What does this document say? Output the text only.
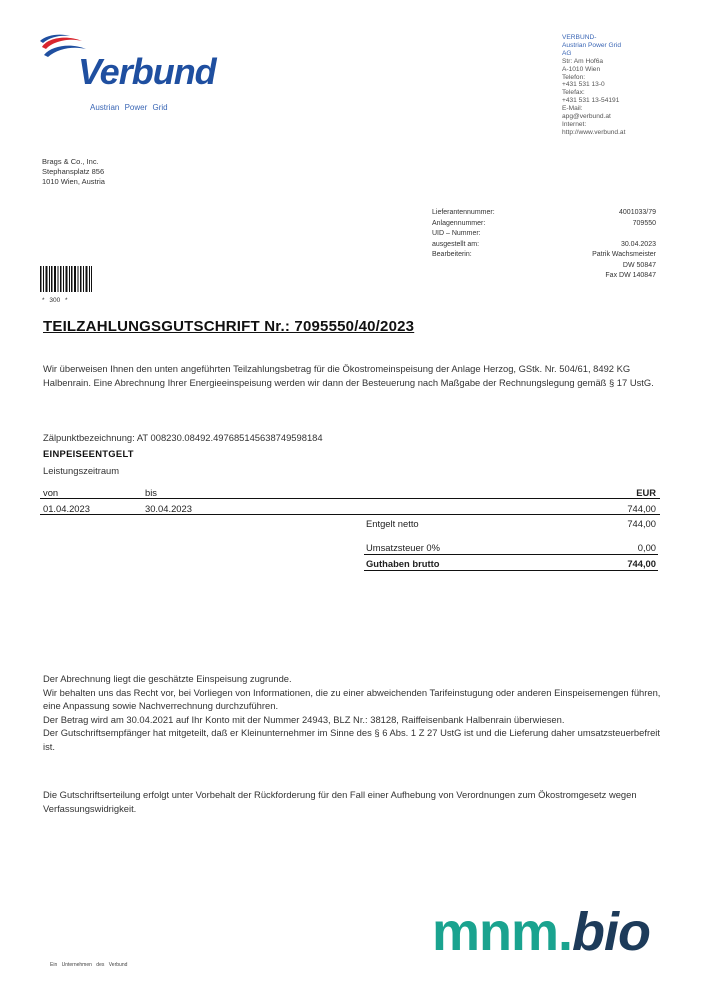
Verbund
Austrian Power Grid
VERBUND-
Austrian Power Grid
AG
Str: Am Hof6a
A-1010 Wien
Telefon:
+431 531 13-0
Telefax:
+431 531 13-54191
E-Mail:
apg@verbund.at
Internet:
http://www.verbund.at
Brags & Co., Inc.
Stephansplatz 856
1010 Wien, Austria
Lieferantennummer:	4001033/79
Anlagennummer:	709550
UID – Nummer:
ausgestellt am:	30.04.2023
Bearbeiterin:	Patrik Wachsmeister
DW 50847
Fax DW 140847
* 300 *
TEILZAHLUNGSGUTSCHRIFT Nr.: 7095550/40/2023
Wir überweisen Ihnen den unten angeführten Teilzahlungsbetrag für die Ökostromeinspeisung der Anlage Herzog, GStk. Nr. 504/61, 8492 KG Halbenrain. Eine Abrechnung Ihrer Energieeinspeisung werden wir dann der Besteuerung nach Maßgabe der Rechnungslegung gemäß § 17 UstG.
Zälpunktbezeichnung: AT 008230.08492.49768514563874959818​4
EINPEISEENTGELT
Leistungszeitraum
von	bis	EUR
01.04.2023	30.04.2023	744,00
Entgelt netto	744,00
Umsatzsteuer 0%	0,00
Guthaben brutto	744,00

Der Abrechnung liegt die geschätzte Einspeisung zugrunde.

Wir behalten uns das Recht vor, bei Vorliegen von Informationen, die zu einer abweichenden Tarifeinstugung oder anderen Einspeisemengen führen, eine Anpassung sowie Nachverrechnung durchzuführen.

Der Betrag wird am 30.04.2021 auf Ihr Konto mit der Nummer 24943, BLZ Nr.: 38128, Raiffeisenbank Halbenrain überwiesen.

Der Gutschriftsempfänger hat mitgeteilt, daß er Kleinunternehmer im Sinne des § 6 Abs. 1 Z 27 UstG ist und die Lieferung daher umsatzsteuerbefreit ist.

Die Gutschriftserteilung erfolgt unter Vorbehalt der Rückforderung für den Fall einer Aufhebung von Verordnungen zum Ökostromgesetz wegen Verfassungswidrigkeit.
mnm.bio
Ein Unternehmen des Verbund
